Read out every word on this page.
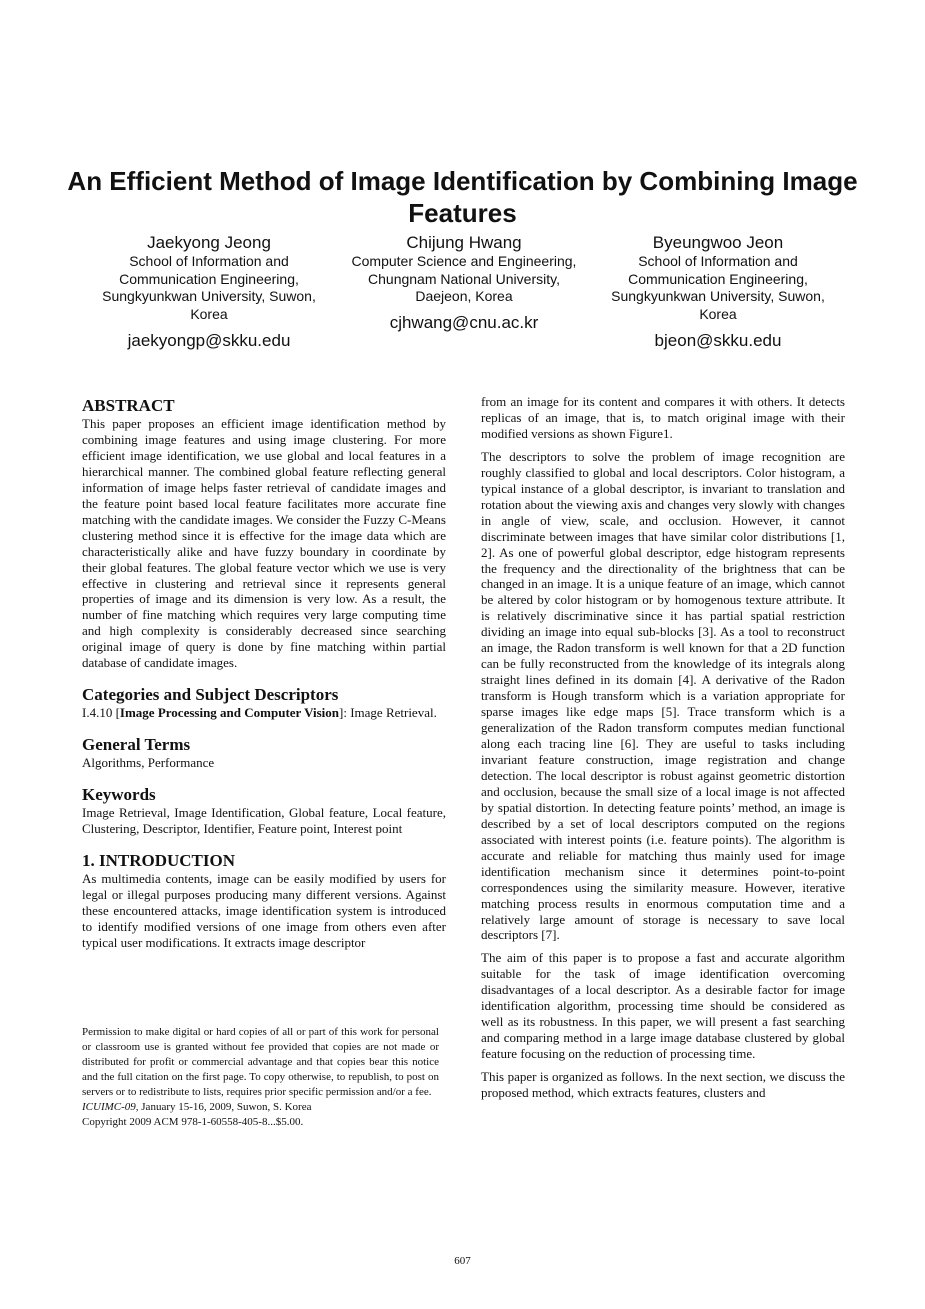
An Efficient Method of Image Identification by Combining Image Features
Jaekyong Jeong
School of Information and Communication Engineering, Sungkyunkwan University, Suwon, Korea
jaekyongp@skku.edu
Chijung Hwang
Computer Science and Engineering, Chungnam National University, Daejeon, Korea
cjhwang@cnu.ac.kr
Byeungwoo Jeon
School of Information and Communication Engineering, Sungkyunkwan University, Suwon, Korea
bjeon@skku.edu
ABSTRACT

This paper proposes an efficient image identification method by combining image features and using image clustering. For more efficient image identification, we use global and local features in a hierarchical manner. The combined global feature reflecting general information of image helps faster retrieval of candidate images and the feature point based local feature facilitates more accurate fine matching with the candidate images. We consider the Fuzzy C-Means clustering method since it is effective for the image data which are characteristically alike and have fuzzy boundary in coordinate by their global features. The global feature vector which we use is very effective in clustering and retrieval since it represents general properties of image and its dimension is very low. As a result, the number of fine matching which requires very large computing time and high complexity is considerably decreased since searching original image of query is done by fine matching within partial database of candidate images.

Categories and Subject Descriptors

I.4.10 [Image Processing and Computer Vision]: Image Retrieval.

General Terms

Algorithms, Performance

Keywords

Image Retrieval, Image Identification, Global feature, Local feature, Clustering, Descriptor, Identifier, Feature point, Interest point

1. INTRODUCTION

As multimedia contents, image can be easily modified by users for legal or illegal purposes producing many different versions. Against these encountered attacks, image identification system is introduced to identify modified versions of one image from others even after typical user modifications. It extracts image descriptor

Permission to make digital or hard copies of all or part of this work for personal or classroom use is granted without fee provided that copies are not made or distributed for profit or commercial advantage and that copies bear this notice and the full citation on the first page. To copy otherwise, to republish, to post on servers or to redistribute to lists, requires prior specific permission and/or a fee.

ICUIMC-09, January 15-16, 2009, Suwon, S. Korea

Copyright 2009 ACM 978-1-60558-405-8...$5.00.

from an image for its content and compares it with others. It detects replicas of an image, that is, to match original image with their modified versions as shown Figure1.

The descriptors to solve the problem of image recognition are roughly classified to global and local descriptors. Color histogram, a typical instance of a global descriptor, is invariant to translation and rotation about the viewing axis and changes very slowly with changes in angle of view, scale, and occlusion. However, it cannot discriminate between images that have similar color distributions [1, 2]. As one of powerful global descriptor, edge histogram represents the frequency and the directionality of the brightness that can be changed in an image. It is a unique feature of an image, which cannot be altered by color histogram or by homogenous texture attribute. It is relatively discriminative since it has partial spatial restriction dividing an image into equal sub-blocks [3]. As a tool to reconstruct an image, the Radon transform is well known for that a 2D function can be fully reconstructed from the knowledge of its integrals along straight lines defined in its domain [4]. A derivative of the Radon transform is Hough transform which is a variation appropriate for sparse images like edge maps [5]. Trace transform which is a generalization of the Radon transform computes median functional along each tracing line [6]. They are useful to tasks including invariant feature construction, image registration and change detection. The local descriptor is robust against geometric distortion and occlusion, because the small size of a local image is not affected by spatial distortion. In detecting feature points’ method, an image is described by a set of local descriptors computed on the regions associated with interest points (i.e. feature points). The algorithm is accurate and reliable for matching thus mainly used for image identification mechanism since it determines point-to-point correspondences using the similarity measure. However, iterative matching process results in enormous computation time and a relatively large amount of storage is necessary to save local descriptors [7].

The aim of this paper is to propose a fast and accurate algorithm suitable for the task of image identification overcoming disadvantages of a local descriptor. As a desirable factor for image identification algorithm, processing time should be considered as well as its robustness. In this paper, we will present a fast searching and comparing method in a large image database clustered by global feature focusing on the reduction of processing time.

This paper is organized as follows. In the next section, we discuss the proposed method, which extracts features, clusters and

607
